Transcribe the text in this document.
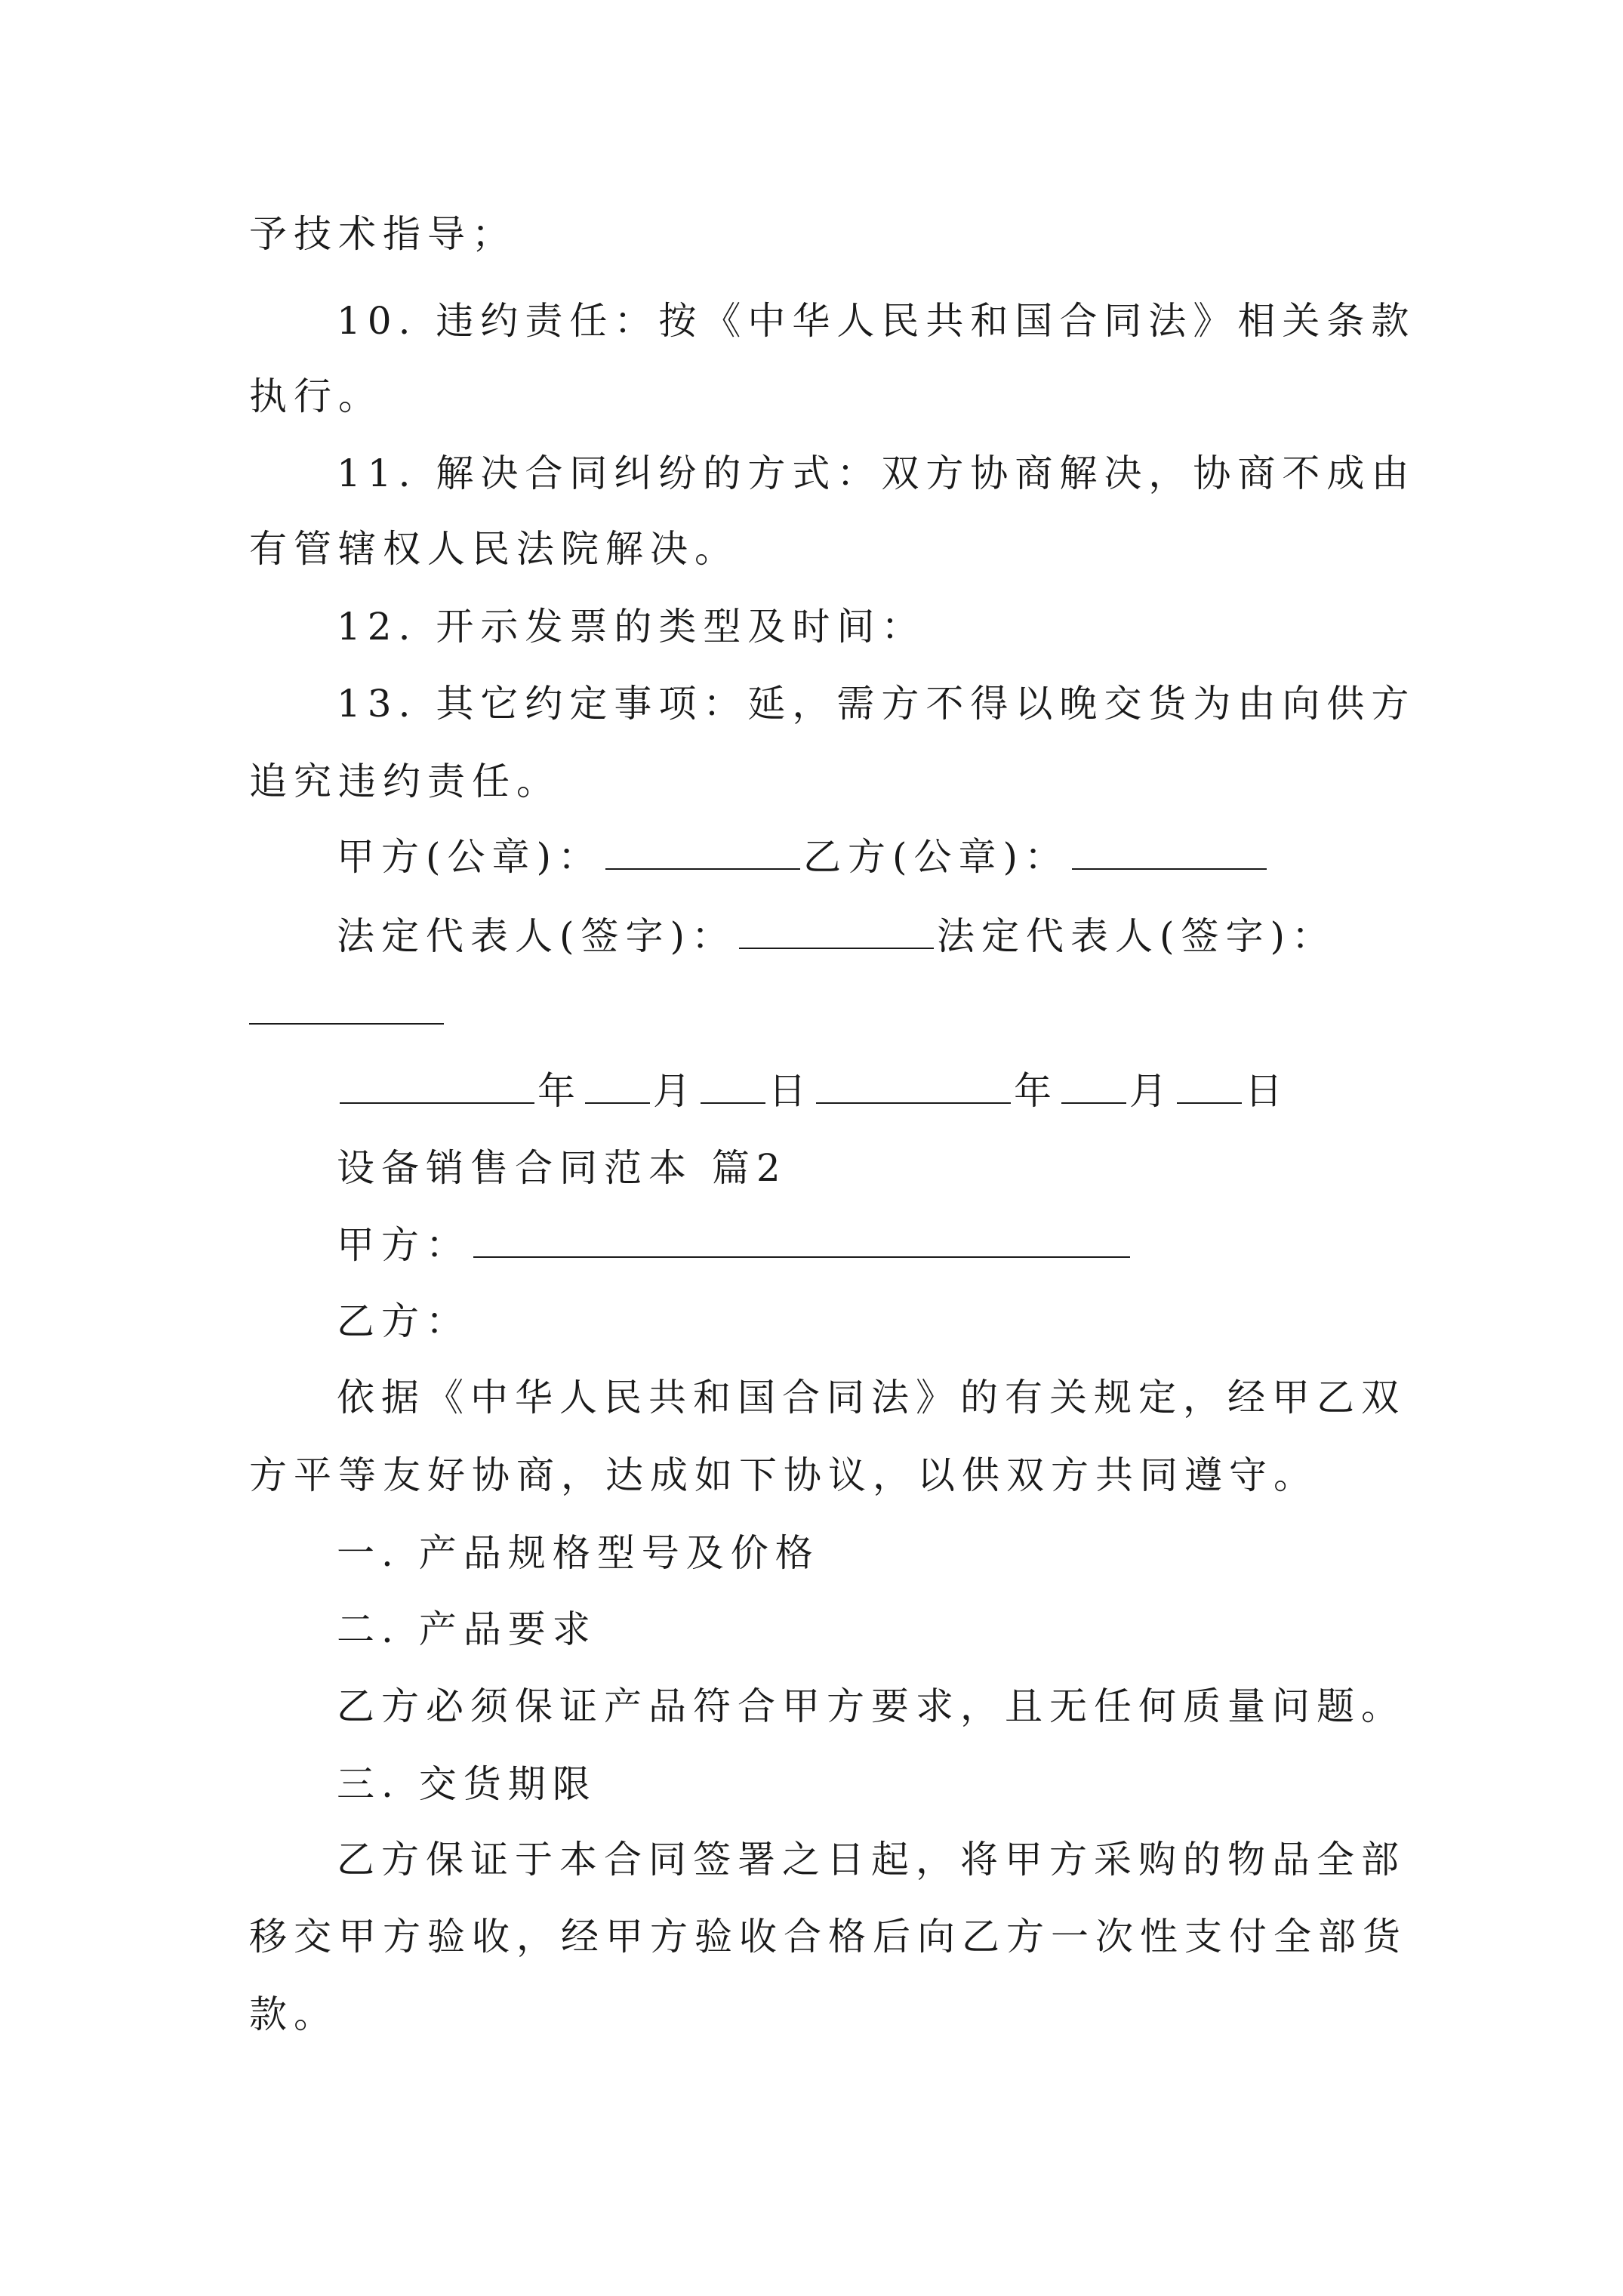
予技术指导；
10. 违约责任：按《中华人民共和国合同法》相关条款
执行。
11. 解决合同纠纷的方式：双方协商解决，协商不成由
有管辖权人民法院解决。
12. 开示发票的类型及时间：
13. 其它约定事项：延，需方不得以晚交货为由向供方
追究违约责任。
甲方(公章)：	乙方(公章)：
法定代表人(签字)：	法定代表人(签字)：
年 月 日	年 月 日
设备销售合同范本 篇2
甲方：
乙方：
依据《中华人民共和国合同法》的有关规定，经甲乙双
方平等友好协商，达成如下协议，以供双方共同遵守。
一. 产品规格型号及价格
二. 产品要求
乙方必须保证产品符合甲方要求，且无任何质量问题。
三. 交货期限
乙方保证于本合同签署之日起，将甲方采购的物品全部
移交甲方验收，经甲方验收合格后向乙方一次性支付全部货
款。
